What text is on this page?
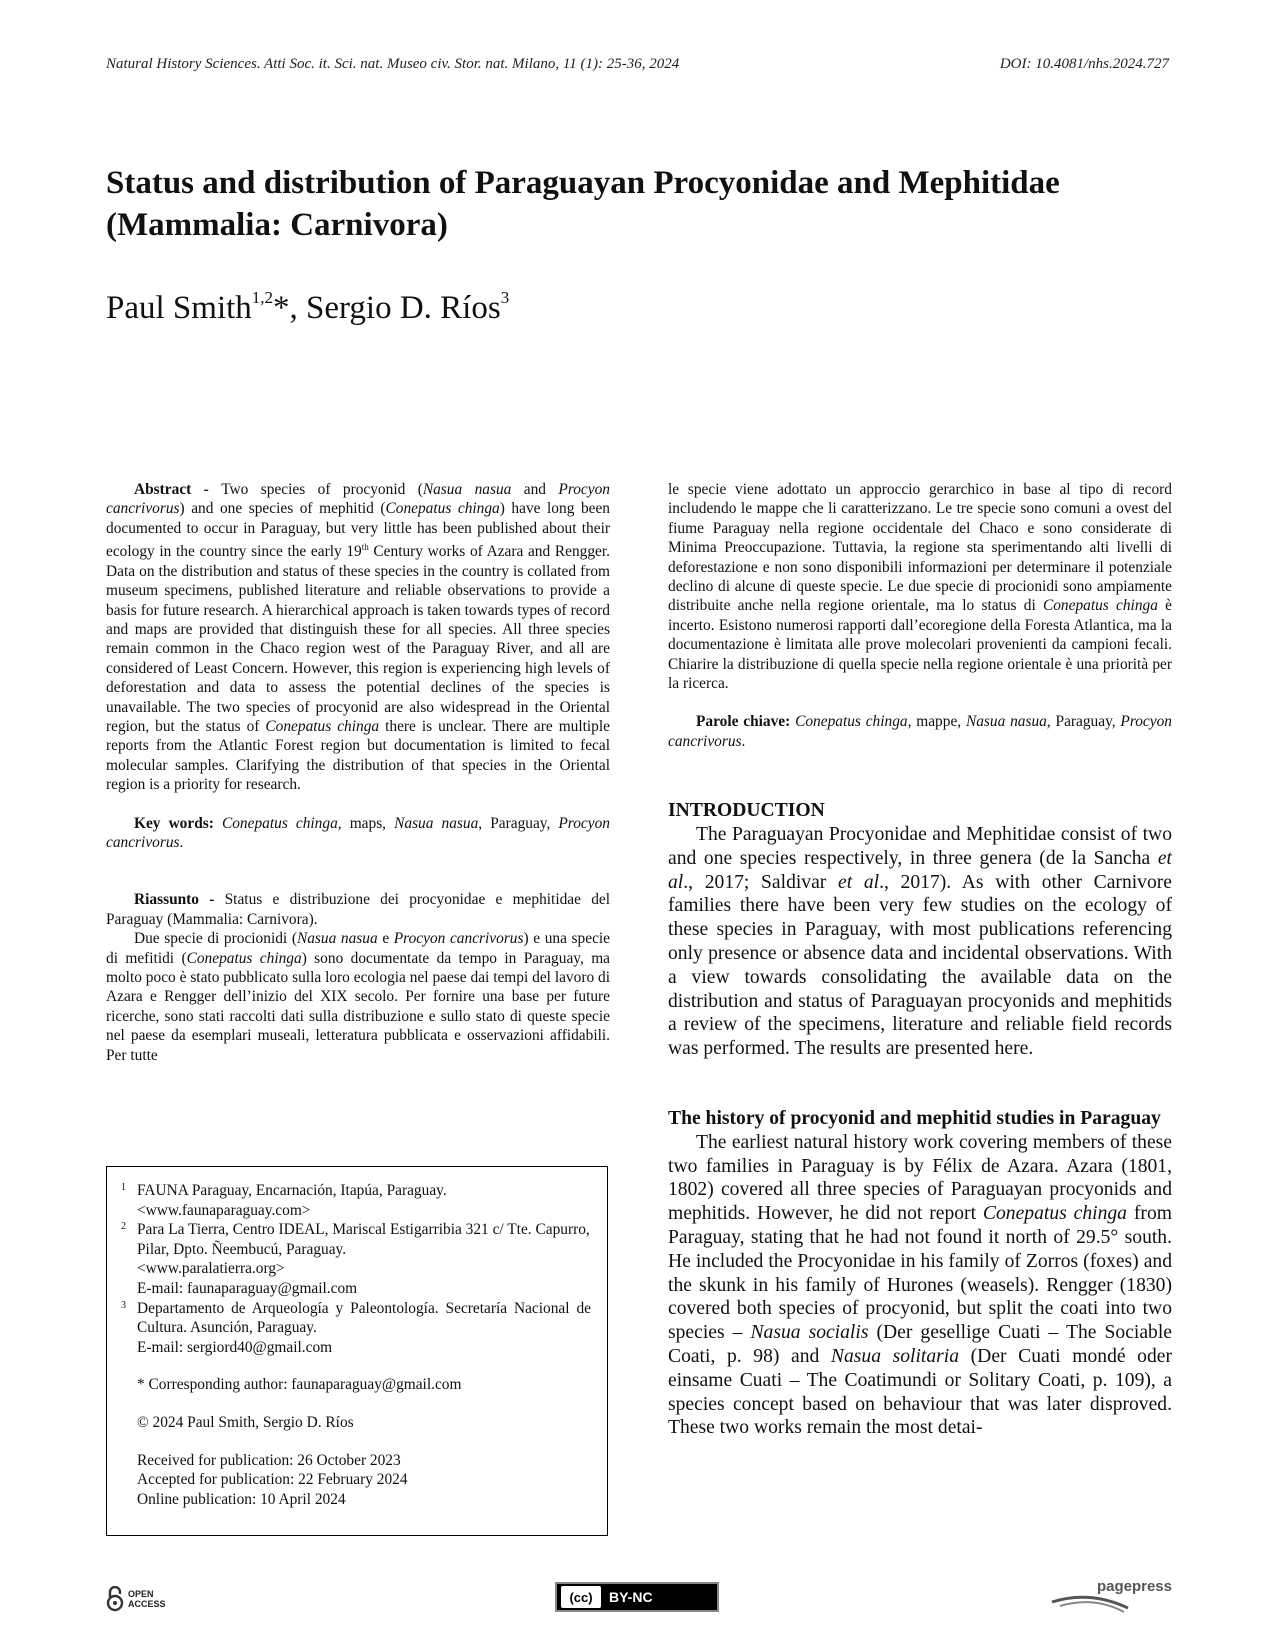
Natural History Sciences. Atti Soc. it. Sci. nat. Museo civ. Stor. nat. Milano, 11 (1): 25-36, 2024	DOI: 10.4081/nhs.2024.727
Status and distribution of Paraguayan Procyonidae and Mephitidae (Mammalia: Carnivora)
Paul Smith$^{1,2}$*, Sergio D. Ríos$^3$

Abstract - Two species of procyonid (Nasua nasua and Procyon cancrivorus) and one species of mephitid (Conepatus chinga) have long been documented to occur in Paraguay, but very little has been published about their ecology in the country since the early 19th Century works of Azara and Rengger. Data on the distribution and status of these species in the country is collated from museum specimens, published literature and reliable observations to provide a basis for future research. A hierarchical approach is taken towards types of record and maps are provided that distinguish these for all species. All three species remain common in the Chaco region west of the Paraguay River, and all are considered of Least Concern. However, this region is experiencing high levels of deforestation and data to assess the potential declines of the species is unavailable. The two species of procyonid are also widespread in the Oriental region, but the status of Conepatus chinga there is unclear. There are multiple reports from the Atlantic Forest region but documentation is limited to fecal molecular samples. Clarifying the distribution of that species in the Oriental region is a priority for research.

Key words: Conepatus chinga, maps, Nasua nasua, Paraguay, Procyon cancrivorus.

Riassunto - Status e distribuzione dei procyonidae e mephitidae del Paraguay (Mammalia: Carnivora).

Due specie di procionidi (Nasua nasua e Procyon cancrivorus) e una specie di mefitidi (Conepatus chinga) sono documentate da tempo in Paraguay, ma molto poco è stato pubblicato sulla loro ecologia nel paese dai tempi del lavoro di Azara e Rengger dell’inizio del XIX secolo. Per fornire una base per future ricerche, sono stati raccolti dati sulla distribuzione e sullo stato di queste specie nel paese da esemplari museali, letteratura pubblicata e osservazioni affidabili. Per tutte

1 FAUNA Paraguay, Encarnación, Itapúa, Paraguay.
<www.faunaparaguay.com>
2 Para La Tierra, Centro IDEAL, Mariscal Estigarribia 321 c/ Tte. Capurro, Pilar, Dpto. Ñeembucú, Paraguay.
<www.paralatierra.org>
E-mail: faunaparaguay@gmail.com
3 Departamento de Arqueología y Paleontología. Secretaría Nacional de Cultura. Asunción, Paraguay.
E-mail: sergiord40@gmail.com
* Corresponding author: faunaparaguay@gmail.com
© 2024 Paul Smith, Sergio D. Ríos
Received for publication: 26 October 2023
Accepted for publication: 22 February 2024
Online publication: 10 April 2024

le specie viene adottato un approccio gerarchico in base al tipo di record includendo le mappe che li caratterizzano. Le tre specie sono comuni a ovest del fiume Paraguay nella regione occidentale del Chaco e sono considerate di Minima Preoccupazione. Tuttavia, la regione sta sperimentando alti livelli di deforestazione e non sono disponibili informazioni per determinare il potenziale declino di alcune di queste specie. Le due specie di procionidi sono ampiamente distribuite anche nella regione orientale, ma lo status di Conepatus chinga è incerto. Esistono numerosi rapporti dall’ecoregione della Foresta Atlantica, ma la documentazione è limitata alle prove molecolari provenienti da campioni fecali. Chiarire la distribuzione di quella specie nella regione orientale è una priorità per la ricerca.

Parole chiave: Conepatus chinga, mappe, Nasua nasua, Paraguay, Procyon cancrivorus.

INTRODUCTION

The Paraguayan Procyonidae and Mephitidae consist of two and one species respectively, in three genera (de la Sancha et al., 2017; Saldivar et al., 2017). As with other Carnivore families there have been very few studies on the ecology of these species in Paraguay, with most publications referencing only presence or absence data and incidental observations. With a view towards consolidating the available data on the distribution and status of Paraguayan procyonids and mephitids a review of the specimens, literature and reliable field records was performed. The results are presented here.

The history of procyonid and mephitid studies in Paraguay

The earliest natural history work covering members of these two families in Paraguay is by Félix de Azara. Azara (1801, 1802) covered all three species of Paraguayan procyonids and mephitids. However, he did not report Conepatus chinga from Paraguay, stating that he had not found it north of 29.5° south. He included the Procyonidae in his family of Zorros (foxes) and the skunk in his family of Hurones (weasels). Rengger (1830) covered both species of procyonid, but split the coati into two species – Nasua socialis (Der gesellige Cuati – The Sociable Coati, p. 98) and Nasua solitaria (Der Cuati mondé oder einsame Cuati – The Coatimundi or Solitary Coati, p. 109), a species concept based on behaviour that was later disproved. These two works remain the most detai-

OPEN
ACCESS	(cc)	BY-NC
pagepress
